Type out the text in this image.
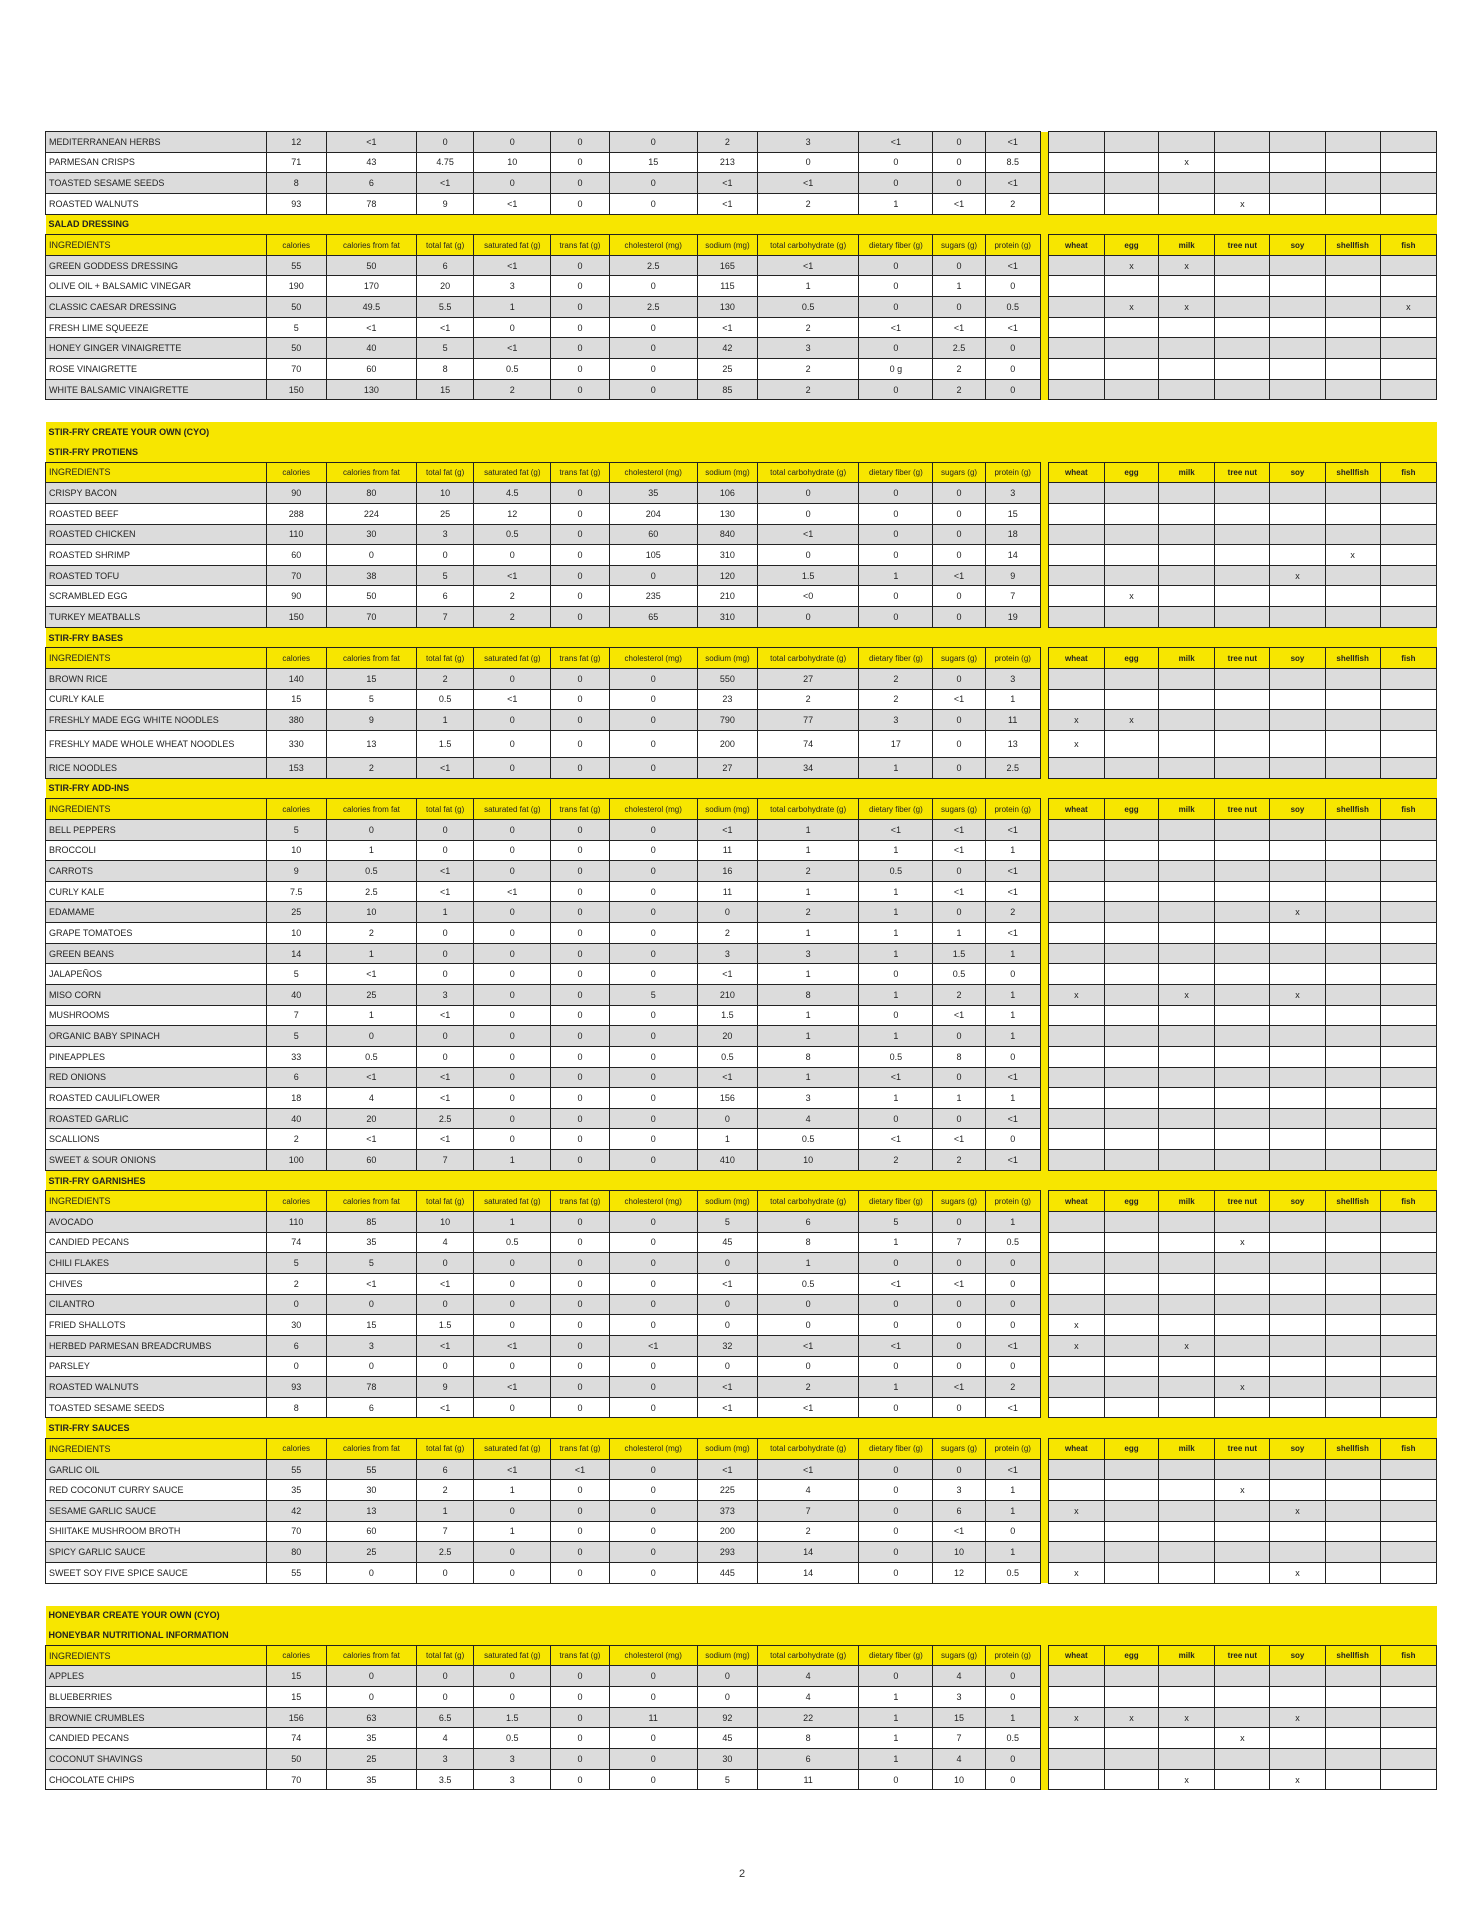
MEDITERRANEAN HERBS	12	<1	0	0	0	0	2	3	<1	0	<1								
PARMESAN CRISPS	71	43	4.75	10	0	15	213	0	0	0	8.5				x				
TOASTED SESAME SEEDS	8	6	<1	0	0	0	<1	<1	0	0	<1								
ROASTED WALNUTS	93	78	9	<1	0	0	<1	2	1	<1	2					x			
SALAD DRESSING																			
INGREDIENTS	calories	calories from fat	total fat (g)	saturated fat (g)	trans fat (g)	cholesterol (mg)	sodium (mg)	total carbohydrate (g)	dietary fiber (g)	sugars (g)	protein (g)		wheat	egg	milk	tree nut	soy	shellfish	fish
GREEN GODDESS DRESSING	55	50	6	<1	0	2.5	165	<1	0	0	<1			x	x				
OLIVE OIL + BALSAMIC VINEGAR	190	170	20	3	0	0	115	1	0	1	0								
CLASSIC CAESAR DRESSING	50	49.5	5.5	1	0	2.5	130	0.5	0	0	0.5			x	x				x
FRESH LIME SQUEEZE	5	<1	<1	0	0	0	<1	2	<1	<1	<1								
HONEY GINGER VINAIGRETTE	50	40	5	<1	0	0	42	3	0	2.5	0								
ROSE VINAIGRETTE	70	60	8	0.5	0	0	25	2	0 g	2	0								
WHITE BALSAMIC VINAIGRETTE	150	130	15	2	0	0	85	2	0	2	0								

STIR-FRY CREATE YOUR OWN (CYO)																			
STIR-FRY PROTIENS																			
INGREDIENTS	calories	calories from fat	total fat (g)	saturated fat (g)	trans fat (g)	cholesterol (mg)	sodium (mg)	total carbohydrate (g)	dietary fiber (g)	sugars (g)	protein (g)		wheat	egg	milk	tree nut	soy	shellfish	fish
CRISPY BACON	90	80	10	4.5	0	35	106	0	0	0	3								
ROASTED BEEF	288	224	25	12	0	204	130	0	0	0	15								
ROASTED CHICKEN	110	30	3	0.5	0	60	840	<1	0	0	18								
ROASTED SHRIMP	60	0	0	0	0	105	310	0	0	0	14							x	
ROASTED TOFU	70	38	5	<1	0	0	120	1.5	1	<1	9						x		
SCRAMBLED EGG	90	50	6	2	0	235	210	<0	0	0	7			x					
TURKEY MEATBALLS	150	70	7	2	0	65	310	0	0	0	19								
STIR-FRY BASES																			
INGREDIENTS	calories	calories from fat	total fat (g)	saturated fat (g)	trans fat (g)	cholesterol (mg)	sodium (mg)	total carbohydrate (g)	dietary fiber (g)	sugars (g)	protein (g)		wheat	egg	milk	tree nut	soy	shellfish	fish
BROWN RICE	140	15	2	0	0	0	550	27	2	0	3								
CURLY KALE	15	5	0.5	<1	0	0	23	2	2	<1	1								
FRESHLY MADE EGG WHITE NOODLES	380	9	1	0	0	0	790	77	3	0	11		x	x					
FRESHLY MADE WHOLE WHEAT NOODLES	330	13	1.5	0	0	0	200	74	17	0	13		x						
RICE NOODLES	153	2	<1	0	0	0	27	34	1	0	2.5								
STIR-FRY ADD-INS																			
INGREDIENTS	calories	calories from fat	total fat (g)	saturated fat (g)	trans fat (g)	cholesterol (mg)	sodium (mg)	total carbohydrate (g)	dietary fiber (g)	sugars (g)	protein (g)		wheat	egg	milk	tree nut	soy	shellfish	fish
BELL PEPPERS	5	0	0	0	0	0	<1	1	<1	<1	<1								
BROCCOLI	10	1	0	0	0	0	11	1	1	<1	1								
CARROTS	9	0.5	<1	0	0	0	16	2	0.5	0	<1								
CURLY KALE	7.5	2.5	<1	<1	0	0	11	1	1	<1	<1								
EDAMAME	25	10	1	0	0	0	0	2	1	0	2						x		
GRAPE TOMATOES	10	2	0	0	0	0	2	1	1	1	<1								
GREEN BEANS	14	1	0	0	0	0	3	3	1	1.5	1								
JALAPEÑOS	5	<1	0	0	0	0	<1	1	0	0.5	0								
MISO CORN	40	25	3	0	0	5	210	8	1	2	1		x		x		x		
MUSHROOMS	7	1	<1	0	0	0	1.5	1	0	<1	1								
ORGANIC BABY SPINACH	5	0	0	0	0	0	20	1	1	0	1								
PINEAPPLES	33	0.5	0	0	0	0	0.5	8	0.5	8	0								
RED ONIONS	6	<1	<1	0	0	0	<1	1	<1	0	<1								
ROASTED CAULIFLOWER	18	4	<1	0	0	0	156	3	1	1	1								
ROASTED GARLIC	40	20	2.5	0	0	0	0	4	0	0	<1								
SCALLIONS	2	<1	<1	0	0	0	1	0.5	<1	<1	0								
SWEET & SOUR ONIONS	100	60	7	1	0	0	410	10	2	2	<1								
STIR-FRY GARNISHES																			
INGREDIENTS	calories	calories from fat	total fat (g)	saturated fat (g)	trans fat (g)	cholesterol (mg)	sodium (mg)	total carbohydrate (g)	dietary fiber (g)	sugars (g)	protein (g)		wheat	egg	milk	tree nut	soy	shellfish	fish
AVOCADO	110	85	10	1	0	0	5	6	5	0	1								
CANDIED PECANS	74	35	4	0.5	0	0	45	8	1	7	0.5					x			
CHILI FLAKES	5	5	0	0	0	0	0	1	0	0	0								
CHIVES	2	<1	<1	0	0	0	<1	0.5	<1	<1	0								
CILANTRO	0	0	0	0	0	0	0	0	0	0	0								
FRIED SHALLOTS	30	15	1.5	0	0	0	0	0	0	0	0		x						
HERBED PARMESAN BREADCRUMBS	6	3	<1	<1	0	<1	32	<1	<1	0	<1		x		x				
PARSLEY	0	0	0	0	0	0	0	0	0	0	0								
ROASTED WALNUTS	93	78	9	<1	0	0	<1	2	1	<1	2					x			
TOASTED SESAME SEEDS	8	6	<1	0	0	0	<1	<1	0	0	<1								
STIR-FRY SAUCES																			
INGREDIENTS	calories	calories from fat	total fat (g)	saturated fat (g)	trans fat (g)	cholesterol (mg)	sodium (mg)	total carbohydrate (g)	dietary fiber (g)	sugars (g)	protein (g)		wheat	egg	milk	tree nut	soy	shellfish	fish
GARLIC OIL	55	55	6	<1	<1	0	<1	<1	0	0	<1								
RED COCONUT CURRY SAUCE	35	30	2	1	0	0	225	4	0	3	1					x			
SESAME GARLIC SAUCE	42	13	1	0	0	0	373	7	0	6	1		x				x		
SHIITAKE MUSHROOM BROTH	70	60	7	1	0	0	200	2	0	<1	0								
SPICY GARLIC SAUCE	80	25	2.5	0	0	0	293	14	0	10	1								
SWEET SOY FIVE SPICE SAUCE	55	0	0	0	0	0	445	14	0	12	0.5		x				x		

HONEYBAR CREATE YOUR OWN (CYO)																			
HONEYBAR NUTRITIONAL INFORMATION																			
INGREDIENTS	calories	calories from fat	total fat (g)	saturated fat (g)	trans fat (g)	cholesterol (mg)	sodium (mg)	total carbohydrate (g)	dietary fiber (g)	sugars (g)	protein (g)		wheat	egg	milk	tree nut	soy	shellfish	fish
APPLES	15	0	0	0	0	0	0	4	0	4	0								
BLUEBERRIES	15	0	0	0	0	0	0	4	1	3	0								
BROWNIE CRUMBLES	156	63	6.5	1.5	0	11	92	22	1	15	1		x	x	x		x		
CANDIED PECANS	74	35	4	0.5	0	0	45	8	1	7	0.5					x			
COCONUT SHAVINGS	50	25	3	3	0	0	30	6	1	4	0								
CHOCOLATE CHIPS	70	35	3.5	3	0	0	5	11	0	10	0				x		x		
2
